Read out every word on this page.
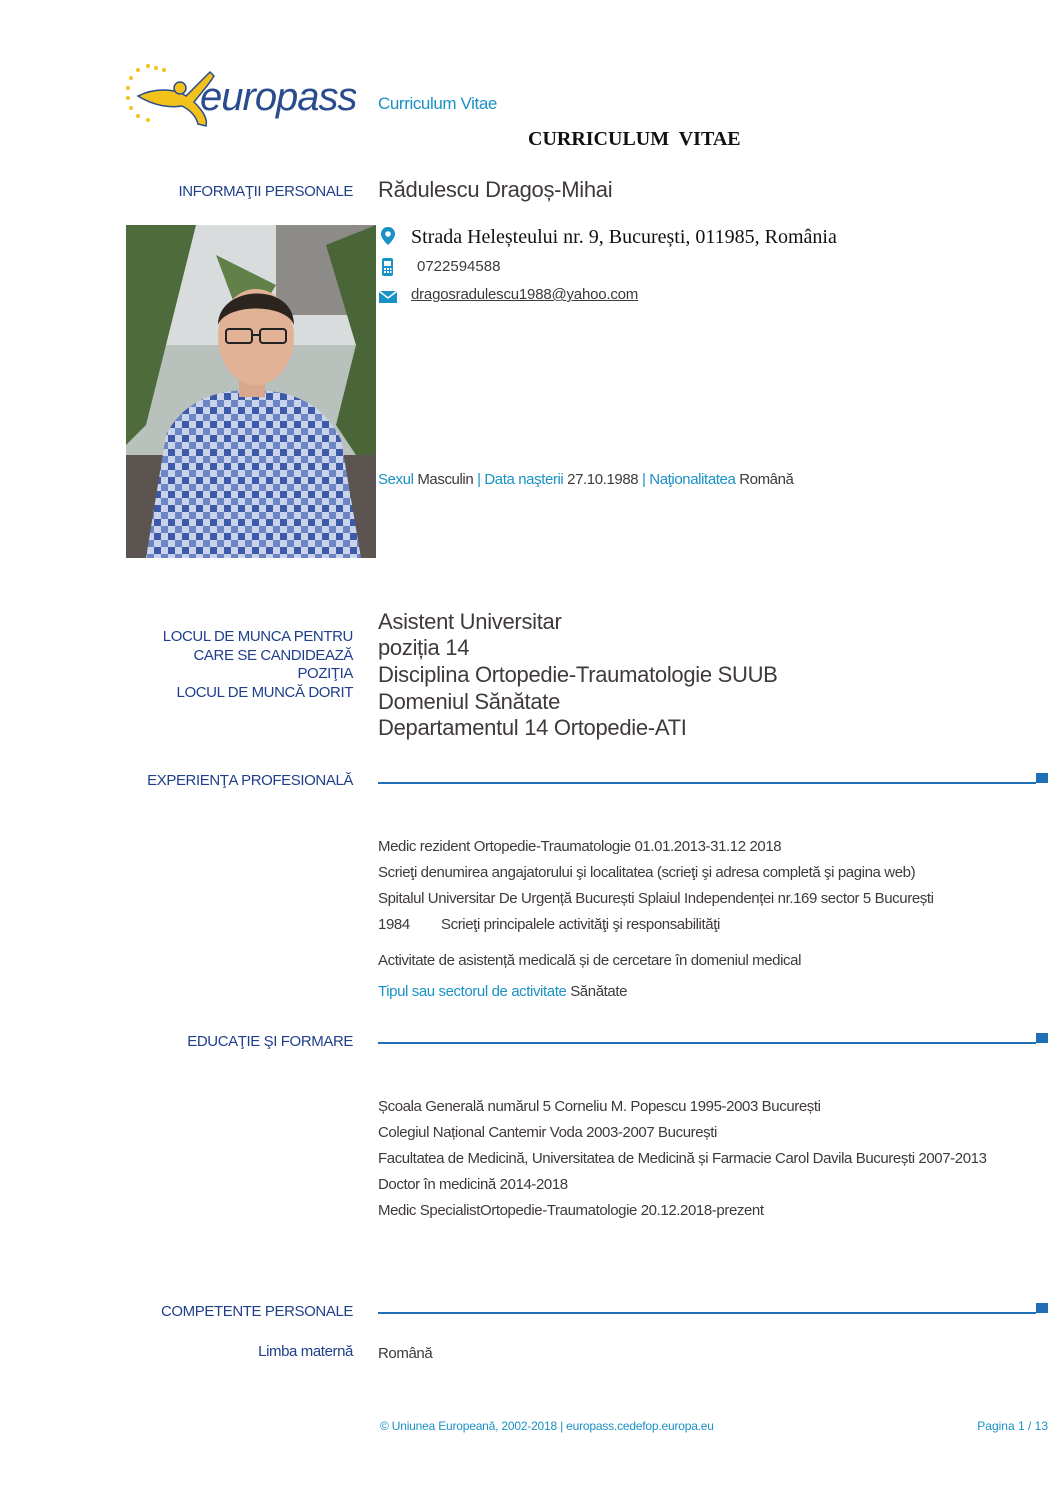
europass Curriculum Vitae
CURRICULUM  VITAE
INFORMAŢII PERSONALE Rădulescu Dragoș-Mihai
Strada Heleșteului nr. 9, București, 011985, România
0722594588
dragosradulescu1988@yahoo.com
Sexul Masculin | Data naşterii 27.10.1988 | Naţionalitatea Română
LOCUL DE MUNCA PENTRU
CARE SE CANDIDEAZĂ
POZIŢIA
LOCUL DE MUNCĂ DORIT
Asistent Universitar
poziția 14
Disciplina Ortopedie-Traumatologie SUUB
Domeniul Sănătate
Departamentul 14 Ortopedie-ATI
EXPERIENŢA PROFESIONALĂ
Medic rezident Ortopedie-Traumatologie 01.01.2013-31.12 2018
Scrieţi denumirea angajatorului şi localitatea (scrieţi şi adresa completă şi pagina web)
Spitalul Universitar De Urgență București Splaiul Independenței nr.169 sector 5 București
1984 Scrieţi principalele activităţi şi responsabilităţi
Activitate de asistență medicală și de cercetare în domeniul medical
Tipul sau sectorul de activitate Sănătate
EDUCAŢIE ŞI FORMARE
Școala Generală numărul 5 Corneliu M. Popescu 1995-2003 București
Colegiul Național Cantemir Voda 2003-2007 București
Facultatea de Medicină, Universitatea de Medicină și Farmacie Carol Davila București 2007-2013
Doctor în medicină 2014-2018
Medic SpecialistOrtopedie-Traumatologie 20.12.2018-prezent
COMPETENTE PERSONALE
Limba maternă Română
© Uniunea Europeană, 2002-2018 | europass.cedefop.europa.eu	Pagina 1 / 13
